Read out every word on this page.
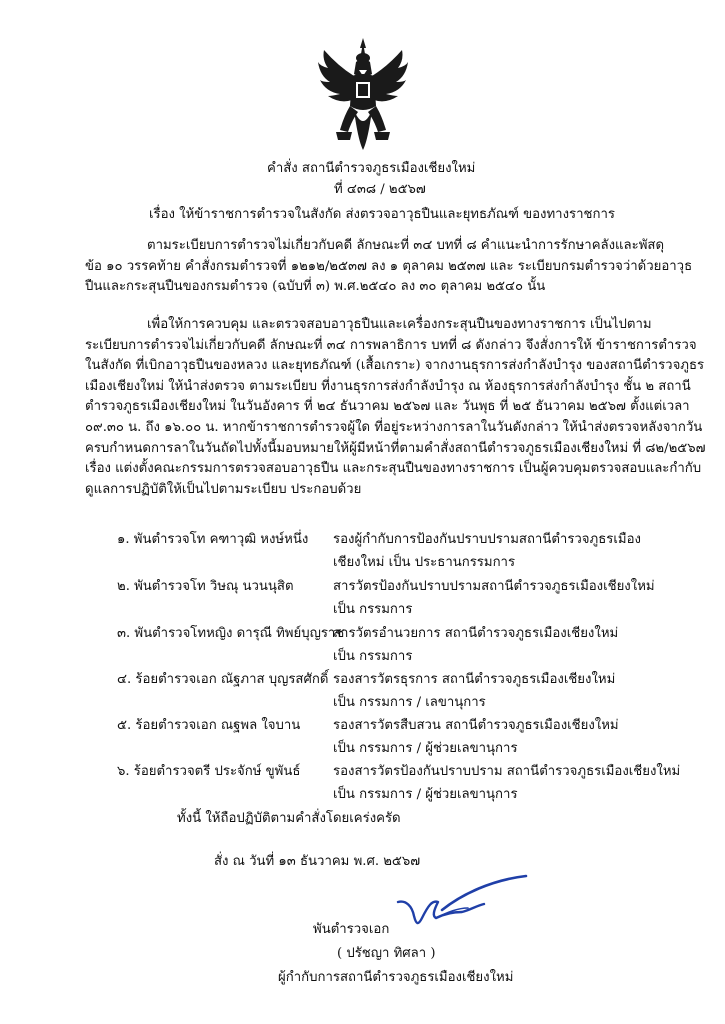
คำสั่ง สถานีตำรวจภูธรเมืองเชียงใหม่
ที่ ๔๓๘ / ๒๕๖๗
เรื่อง ให้ข้าราชการตำรวจในสังกัด ส่งตรวจอาวุธปืนและยุทธภัณฑ์ ของทางราชการ
ตามระเบียบการตำรวจไม่เกี่ยวกับคดี ลักษณะที่ ๓๔ บทที่ ๘ คำแนะนำการรักษาคลังและพัสดุ
ข้อ ๑๐ วรรคท้าย คำสั่งกรมตำรวจที่ ๑๒๑๒/๒๕๓๗ ลง ๑ ตุลาคม ๒๕๓๗ และ ระเบียบกรมตำรวจว่าด้วยอาวุธ
ปืนและกระสุนปืนของกรมตำรวจ (ฉบับที่ ๓) พ.ศ.๒๕๔๐ ลง ๓๐ ตุลาคม ๒๕๔๐ นั้น
เพื่อให้การควบคุม และตรวจสอบอาวุธปืนและเครื่องกระสุนปืนของทางราชการ เป็นไปตาม
ระเบียบการตำรวจไม่เกี่ยวกับคดี ลักษณะที่ ๓๔ การพลาธิการ บทที่ ๘ ดังกล่าว จึงสั่งการให้ ข้าราชการตำรวจ
ในสังกัด ที่เบิกอาวุธปืนของหลวง และยุทธภัณฑ์ (เสื้อเกราะ) จากงานธุรการส่งกำลังบำรุง ของสถานีตำรวจภูธร
เมืองเชียงใหม่ ให้นำส่งตรวจ ตามระเบียบ ที่งานธุรการส่งกำลังบำรุง ณ ห้องธุรการส่งกำลังบำรุง ชั้น ๒ สถานี
ตำรวจภูธรเมืองเชียงใหม่ ในวันอังคาร ที่ ๒๔ ธันวาคม ๒๕๖๗ และ วันพุธ ที่ ๒๕ ธันวาคม ๒๕๖๗ ตั้งแต่เวลา
๐๙.๓๐ น. ถึง ๑๖.๐๐ น. หากข้าราชการตำรวจผู้ใด ที่อยู่ระหว่างการลาในวันดังกล่าว ให้นำส่งตรวจหลังจากวัน
ครบกำหนดการลาในวันถัดไปทั้งนี้มอบหมายให้ผู้มีหน้าที่ตามคำสั่งสถานีตำรวจภูธรเมืองเชียงใหม่ ที่ ๘๒/๒๕๖๗
เรื่อง แต่งตั้งคณะกรรมการตรวจสอบอาวุธปืน และกระสุนปืนของทางราชการ เป็นผู้ควบคุมตรวจสอบและกำกับ
ดูแลการปฏิบัติให้เป็นไปตามระเบียบ ประกอบด้วย
๑. พันตำรวจโท คฑาวุฒิ หงษ์หนึ่ง รองผู้กำกับการป้องกันปราบปรามสถานีตำรวจภูธรเมือง
เชียงใหม่ เป็น ประธานกรรมการ
๒. พันตำรวจโท วิษณุ นวนนุสิต	สารวัตรป้องกันปราบปรามสถานีตำรวจภูธรเมืองเชียงใหม่
เป็น กรรมการ
๓. พันตำรวจโทหญิง ดารุณี ทิพย์บุญราช
สารวัตรอำนวยการ สถานีตำรวจภูธรเมืองเชียงใหม่
เป็น กรรมการ
๔. ร้อยตำรวจเอก ณัฐภาส บุญรสศักดิ์ รองสารวัตรธุรการ สถานีตำรวจภูธรเมืองเชียงใหม่
เป็น กรรมการ / เลขานุการ
๕. ร้อยตำรวจเอก ณฐพล ใจบาน รองสารวัตรสืบสวน สถานีตำรวจภูธรเมืองเชียงใหม่
เป็น กรรมการ / ผู้ช่วยเลขานุการ
๖. ร้อยตำรวจตรี ประจักษ์ ขูพันธ์ รองสารวัตรป้องกันปราบปราม สถานีตำรวจภูธรเมืองเชียงใหม่
เป็น กรรมการ / ผู้ช่วยเลขานุการ
ทั้งนี้ ให้ถือปฏิบัติตามคำสั่งโดยเคร่งครัด
สั่ง ณ วันที่ ๑๓ ธันวาคม พ.ศ. ๒๕๖๗
พันตำรวจเอก
( ปรัชญา ทิศลา )
ผู้กำกับการสถานีตำรวจภูธรเมืองเชียงใหม่
